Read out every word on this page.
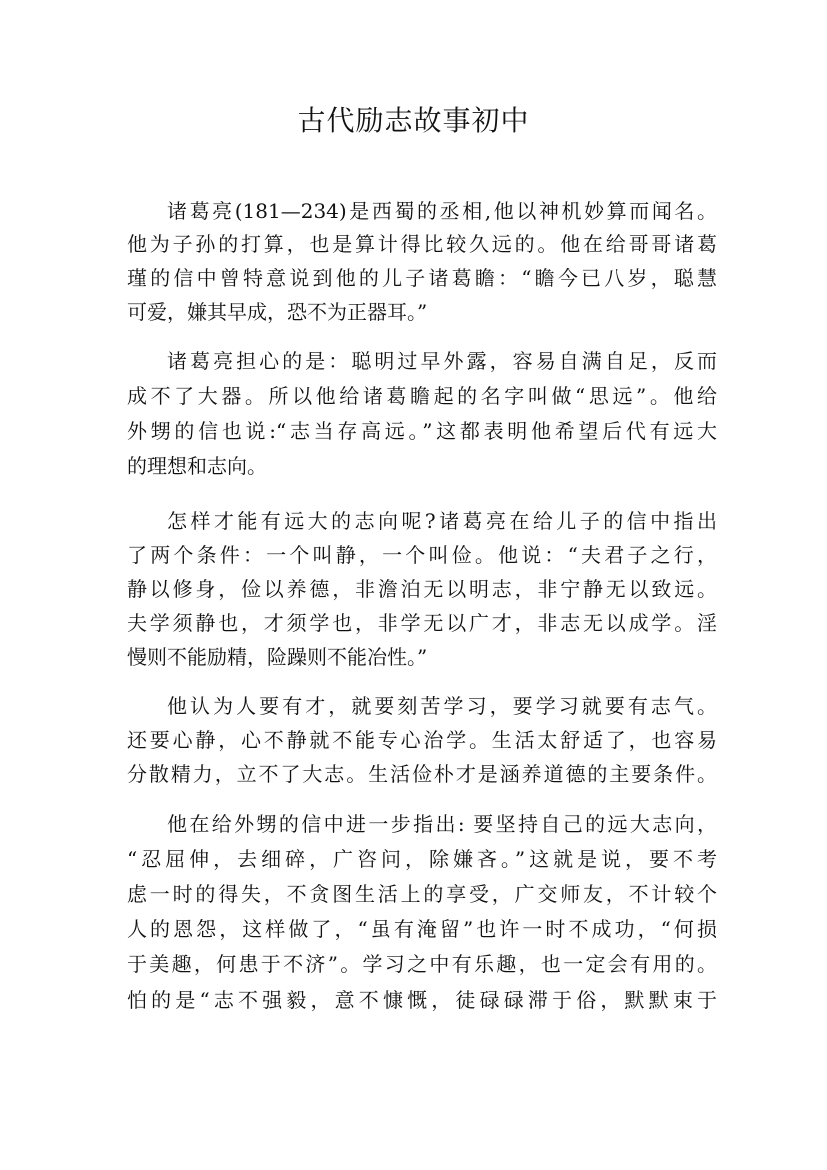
古代励志故事初中
诸葛亮(181—234)是西蜀的丞相,他以神机妙算而闻名。
他为子孙的打算，也是算计得比较久远的。他在给哥哥诸葛
瑾的信中曾特意说到他的儿子诸葛瞻：“瞻今已八岁，聪慧
可爱，嫌其早成，恐不为正器耳。”
诸葛亮担心的是：聪明过早外露，容易自满自足，反而
成不了大器。所以他给诸葛瞻起的名字叫做“思远”。他给
外甥的信也说:“志当存高远。”这都表明他希望后代有远大
的理想和志向。
怎样才能有远大的志向呢?诸葛亮在给儿子的信中指出
了两个条件：一个叫静，一个叫俭。他说：“夫君子之行，
静以修身，俭以养德，非澹泊无以明志，非宁静无以致远。
夫学须静也，才须学也，非学无以广才，非志无以成学。淫
慢则不能励精，险躁则不能冶性。”
他认为人要有才，就要刻苦学习，要学习就要有志气。
还要心静，心不静就不能专心治学。生活太舒适了，也容易
分散精力，立不了大志。生活俭朴才是涵养道德的主要条件。
他在给外甥的信中进一步指出: 要坚持自己的远大志向，
“忍屈伸，去细碎，广咨问，除嫌吝。”这就是说，要不考
虑一时的得失，不贪图生活上的享受，广交师友，不计较个
人的恩怨，这样做了，“虽有淹留”也许一时不成功，“何损
于美趣，何患于不济”。学习之中有乐趣，也一定会有用的。
怕的是“志不强毅，意不慷慨，徒碌碌滞于俗，默默束于
